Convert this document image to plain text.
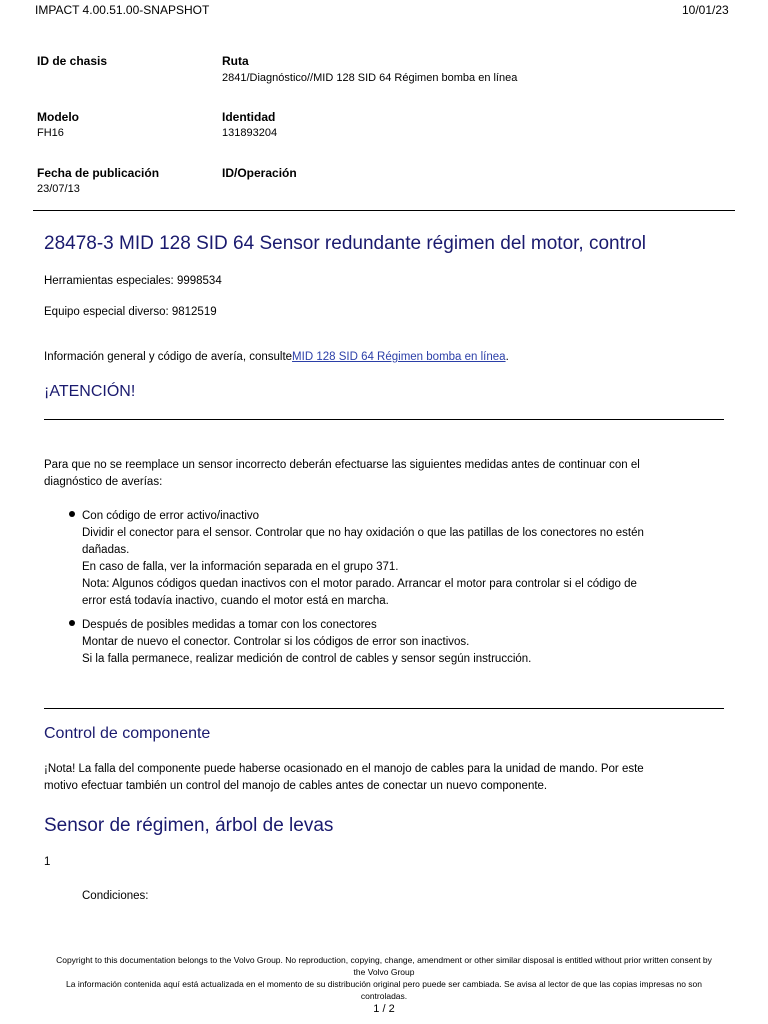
IMPACT 4.00.51.00-SNAPSHOT	10/01/23
ID de chasis	Ruta
2841/Diagnóstico//MID 128 SID 64 Régimen bomba en línea
Modelo
FH16
Identidad
131893204
Fecha de publicación
23/07/13
ID/Operación
28478-3 MID 128 SID 64 Sensor redundante régimen del motor, control
Herramientas especiales: 9998534
Equipo especial diverso: 9812519
Información general y código de avería, consulteMID 128 SID 64 Régimen bomba en línea.
¡ATENCIÓN!
Para que no se reemplace un sensor incorrecto deberán efectuarse las siguientes medidas antes de continuar con el
diagnóstico de averías:
Con código de error activo/inactivo
Dividir el conector para el sensor. Controlar que no hay oxidación o que las patillas de los conectores no estén
dañadas.
En caso de falla, ver la información separada en el grupo 371.
Nota: Algunos códigos quedan inactivos con el motor parado. Arrancar el motor para controlar si el código de
error está todavía inactivo, cuando el motor está en marcha.
Después de posibles medidas a tomar con los conectores
Montar de nuevo el conector. Controlar si los códigos de error son inactivos.
Si la falla permanece, realizar medición de control de cables y sensor según instrucción.
Control de componente
¡Nota! La falla del componente puede haberse ocasionado en el manojo de cables para la unidad de mando. Por este
motivo efectuar también un control del manojo de cables antes de conectar un nuevo componente.
Sensor de régimen, árbol de levas
1
Condiciones:
Copyright to this documentation belongs to the Volvo Group. No reproduction, copying, change, amendment or other similar disposal is entitled without prior written consent by
the Volvo Group
La información contenida aquí está actualizada en el momento de su distribución original pero puede ser cambiada. Se avisa al lector de que las copias impresas no son
controladas.
1 / 2
